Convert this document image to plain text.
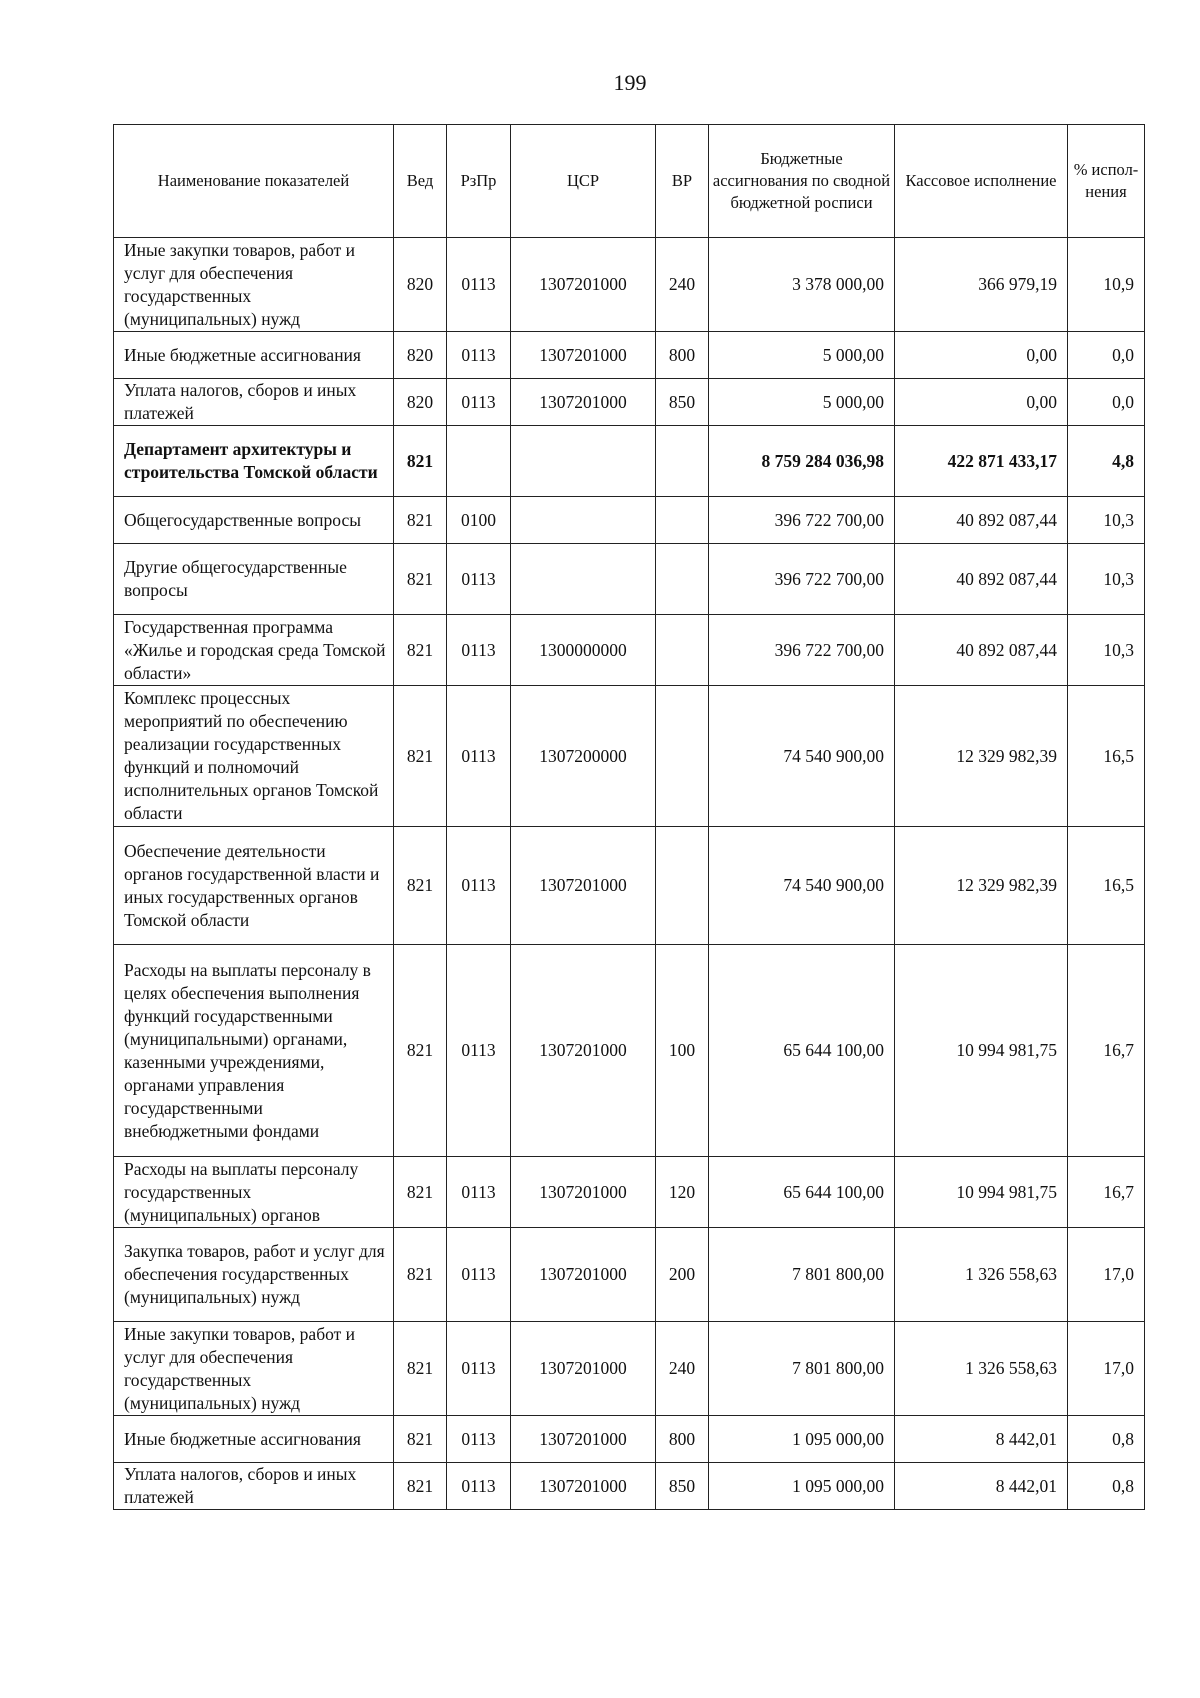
199
Наименование показателей	Вед	РзПр	ЦСР	ВР	Бюджетные ассигнования по сводной бюджетной росписи	Кассовое исполнение	% испол-нения
Иные закупки товаров, работ и услуг для обеспечения государственных (муниципальных) нужд	820	0113	1307201000	240	3 378 000,00	366 979,19	10,9
Иные бюджетные ассигнования	820	0113	1307201000	800	5 000,00	0,00	0,0
Уплата налогов, сборов и иных платежей	820	0113	1307201000	850	5 000,00	0,00	0,0
Департамент архитектуры и строительства Томской области	821				8 759 284 036,98	422 871 433,17	4,8
Общегосударственные вопросы	821	0100			396 722 700,00	40 892 087,44	10,3
Другие общегосударственные вопросы	821	0113			396 722 700,00	40 892 087,44	10,3
Государственная программа «Жилье и городская среда Томской области»	821	0113	1300000000		396 722 700,00	40 892 087,44	10,3
Комплекс процессных мероприятий по обеспечению реализации государственных функций и полномочий исполнительных органов Томской области	821	0113	1307200000		74 540 900,00	12 329 982,39	16,5
Обеспечение деятельности органов государственной власти и иных государственных органов Томской области	821	0113	1307201000		74 540 900,00	12 329 982,39	16,5
Расходы на выплаты персоналу в целях обеспечения выполнения функций государственными (муниципальными) органами, казенными учреждениями, органами управления государственными внебюджетными фондами	821	0113	1307201000	100	65 644 100,00	10 994 981,75	16,7
Расходы на выплаты персоналу государственных (муниципальных) органов	821	0113	1307201000	120	65 644 100,00	10 994 981,75	16,7
Закупка товаров, работ и услуг для обеспечения государственных (муниципальных) нужд	821	0113	1307201000	200	7 801 800,00	1 326 558,63	17,0
Иные закупки товаров, работ и услуг для обеспечения государственных (муниципальных) нужд	821	0113	1307201000	240	7 801 800,00	1 326 558,63	17,0
Иные бюджетные ассигнования	821	0113	1307201000	800	1 095 000,00	8 442,01	0,8
Уплата налогов, сборов и иных платежей	821	0113	1307201000	850	1 095 000,00	8 442,01	0,8
